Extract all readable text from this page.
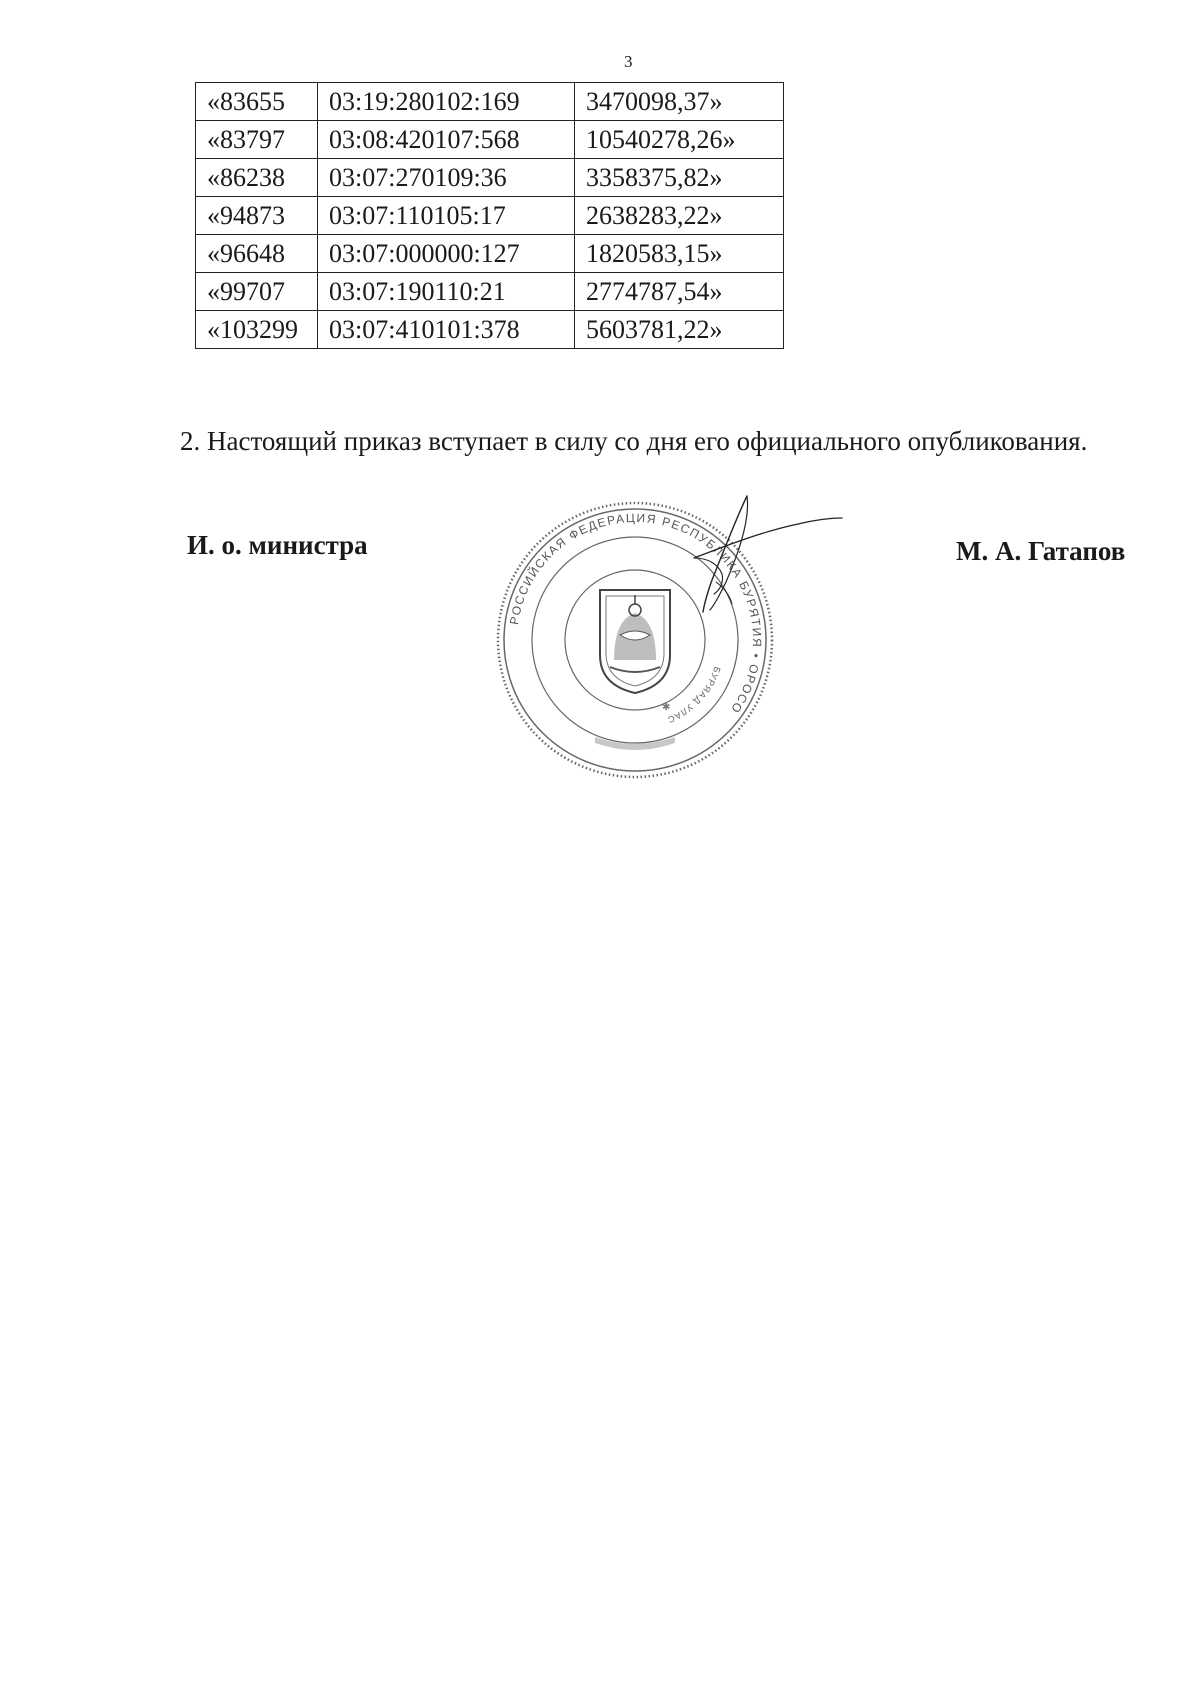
3
«83655	03:19:280102:169	3470098,37»
«83797	03:08:420107:568	10540278,26»
«86238	03:07:270109:36	3358375,82»
«94873	03:07:110105:17	2638283,22»
«96648	03:07:000000:127	1820583,15»
«99707	03:07:190110:21	2774787,54»
«103299	03:07:410101:378	5603781,22»
2. Настоящий приказ вступает в силу со дня его официального опубликования.
И. о. министра	М. А. Гатапов
РОССИЙСКАЯ ФЕДЕРАЦИЯ РЕСПУБЛИКА БУРЯТИЯ • ОРОСО
БУРЯАД УЛАС
✱
